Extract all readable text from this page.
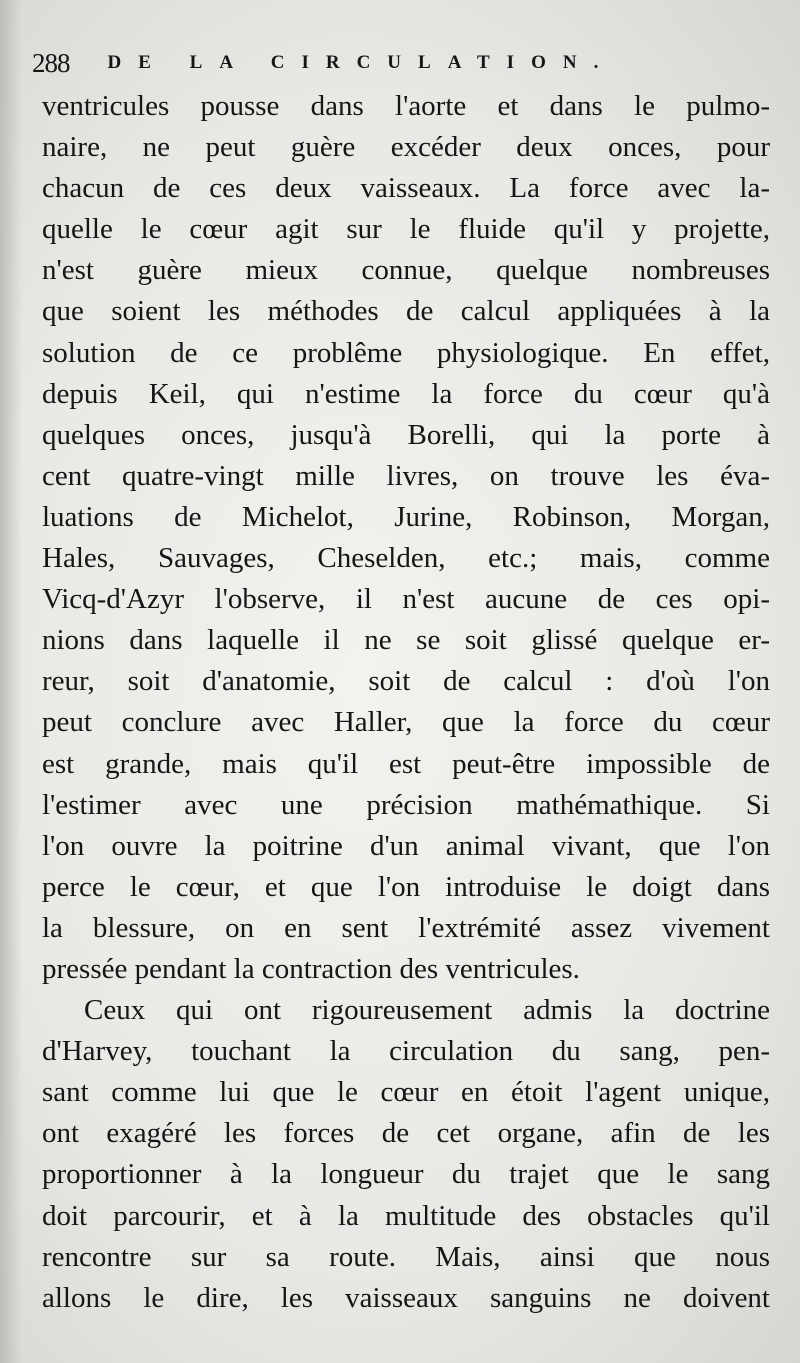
288 DE LA CIRCULATION.
ventricules pousse dans l'aorte et dans le pulmo-
naire, ne peut guère excéder deux onces, pour
chacun de ces deux vaisseaux. La force avec la-
quelle le cœur agit sur le fluide qu'il y projette,
n'est guère mieux connue, quelque nombreuses
que soient les méthodes de calcul appliquées à la
solution de ce problême physiologique. En effet,
depuis Keil, qui n'estime la force du cœur qu'à
quelques onces, jusqu'à Borelli, qui la porte à
cent quatre-vingt mille livres, on trouve les éva-
luations de Michelot, Jurine, Robinson, Morgan,
Hales, Sauvages, Cheselden, etc.; mais, comme
Vicq-d'Azyr l'observe, il n'est aucune de ces opi-
nions dans laquelle il ne se soit glissé quelque er-
reur, soit d'anatomie, soit de calcul : d'où l'on
peut conclure avec Haller, que la force du cœur
est grande, mais qu'il est peut-être impossible de
l'estimer avec une précision mathémathique. Si
l'on ouvre la poitrine d'un animal vivant, que l'on
perce le cœur, et que l'on introduise le doigt dans
la blessure, on en sent l'extrémité assez vivement
pressée pendant la contraction des ventricules.
Ceux qui ont rigoureusement admis la doctrine
d'Harvey, touchant la circulation du sang, pen-
sant comme lui que le cœur en étoit l'agent unique,
ont exagéré les forces de cet organe, afin de les
proportionner à la longueur du trajet que le sang
doit parcourir, et à la multitude des obstacles qu'il
rencontre sur sa route. Mais, ainsi que nous
allons le dire, les vaisseaux sanguins ne doivent
